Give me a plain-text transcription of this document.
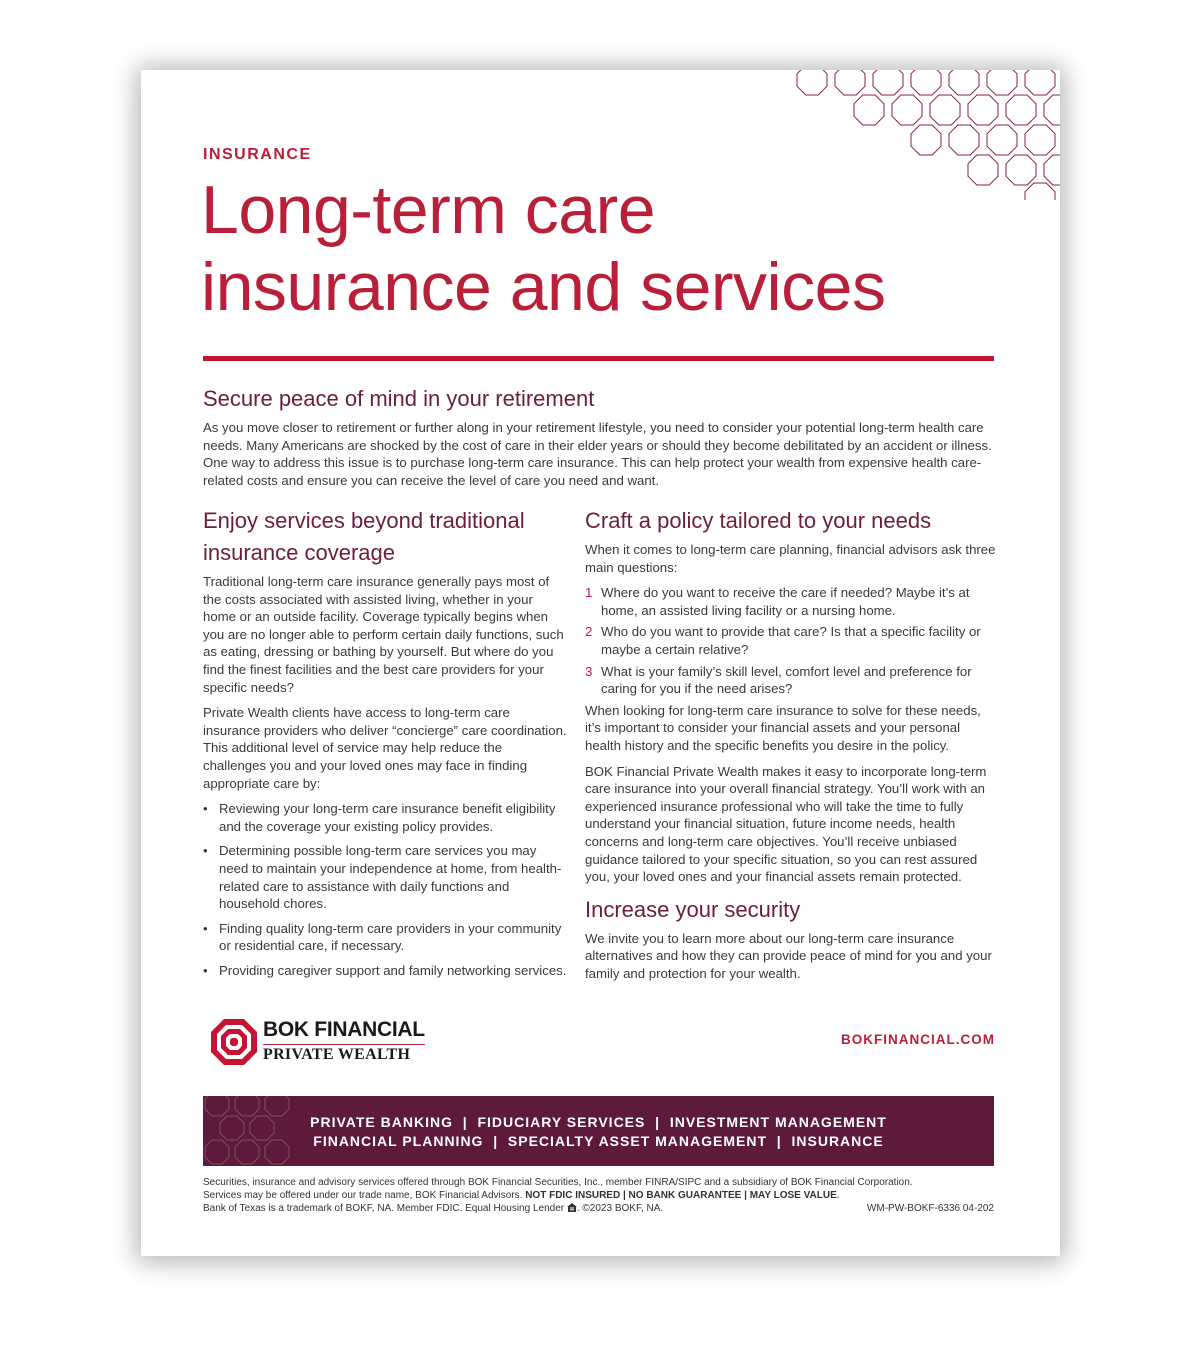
INSURANCE
Long-term care
insurance and services
Secure peace of mind in your retirement

As you move closer to retirement or further along in your retirement lifestyle, you need to consider your potential long-term health care needs. Many Americans are shocked by the cost of care in their elder years or should they become debilitated by an accident or illness. One way to address this issue is to purchase long-term care insurance. This can help protect your wealth from expensive health care-related costs and ensure you can receive the level of care you need and want.

Enjoy services beyond traditional insurance coverage

Traditional long-term care insurance generally pays most of the costs associated with assisted living, whether in your home or an outside facility. Coverage typically begins when you are no longer able to perform certain daily functions, such as eating, dressing or bathing by yourself. But where do you find the finest facilities and the best care providers for your specific needs?

Private Wealth clients have access to long-term care insurance providers who deliver “concierge” care coordination. This additional level of service may help reduce the challenges you and your loved ones may face in finding appropriate care by:

• Reviewing your long-term care insurance benefit eligibility and the coverage your existing policy provides.
• Determining possible long-term care services you may need to maintain your independence at home, from health-related care to assistance with daily functions and household chores.
• Finding quality long-term care providers in your community or residential care, if necessary.
• Providing caregiver support and family networking services.
Craft a policy tailored to your needs

When it comes to long-term care planning, financial advisors ask three main questions:

1 Where do you want to receive the care if needed? Maybe it’s at home, an assisted living facility or a nursing home.
2 Who do you want to provide that care? Is that a specific facility or maybe a certain relative?
3 What is your family’s skill level, comfort level and preference for caring for you if the need arises?

When looking for long-term care insurance to solve for these needs, it’s important to consider your financial assets and your personal health history and the specific benefits you desire in the policy.

BOK Financial Private Wealth makes it easy to incorporate long-term care insurance into your overall financial strategy. You’ll work with an experienced insurance professional who will take the time to fully understand your financial situation, future income needs, health concerns and long-term care objectives. You’ll receive unbiased guidance tailored to your specific situation, so you can rest assured you, your loved ones and your financial assets remain protected.

Increase your security

We invite you to learn more about our long-term care insurance alternatives and how they can provide peace of mind for you and your family and protection for your wealth.

BOK FINANCIAL
PRIVATE WEALTH
BOKFINANCIAL.COM
PRIVATE BANKING  |  FIDUCIARY SERVICES  |  INVESTMENT MANAGEMENT
FINANCIAL PLANNING  |  SPECIALTY ASSET MANAGEMENT  |  INSURANCE
Securities, insurance and advisory services offered through BOK Financial Securities, Inc., member FINRA/SIPC and a subsidiary of BOK Financial Corporation.
Services may be offered under our trade name, BOK Financial Advisors. NOT FDIC INSURED | NO BANK GUARANTEE | MAY LOSE VALUE.
Bank of Texas is a trademark of BOKF, NA. Member FDIC. Equal Housing Lender . ©2023 BOKF, NA.	WM-PW-BOKF-6336 04-202
